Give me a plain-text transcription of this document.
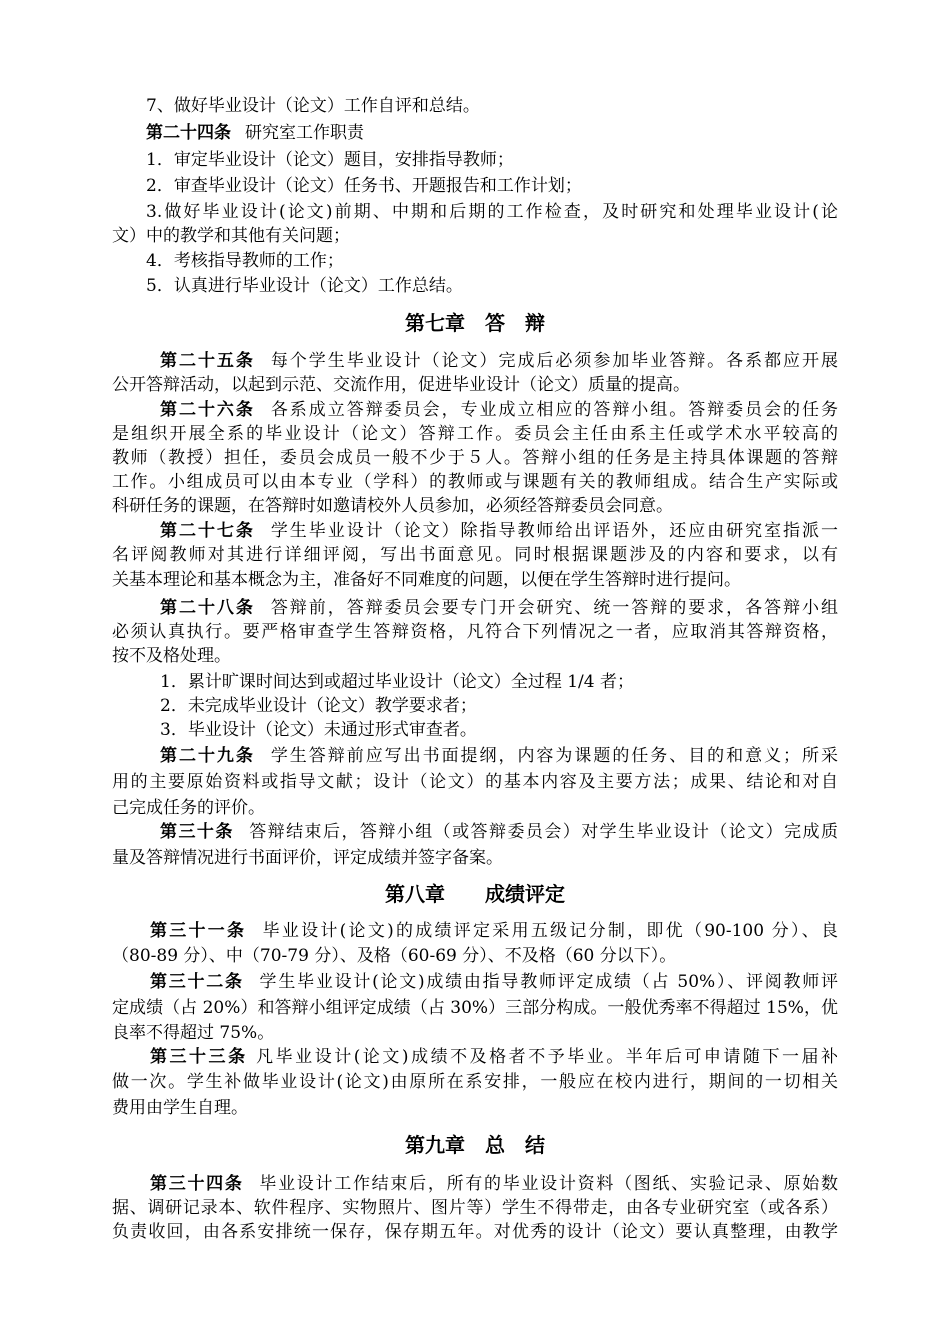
7、做好毕业设计（论文）工作自评和总结。
第二十四条 研究室工作职责
1．审定毕业设计（论文）题目，安排指导教师；
2．审查毕业设计（论文）任务书、开题报告和工作计划；
3.做好毕业设计(论文)前期、中期和后期的工作检查，及时研究和处理毕业设计(论
文）中的教学和其他有关问题；
4．考核指导教师的工作；
5．认真进行毕业设计（论文）工作总结。
第七章　答　辩
第二十五条 每个学生毕业设计（论文）完成后必须参加毕业答辩。各系都应开展
公开答辩活动，以起到示范、交流作用，促进毕业设计（论文）质量的提高。
第二十六条 各系成立答辩委员会，专业成立相应的答辩小组。答辩委员会的任务
是组织开展全系的毕业设计（论文）答辩工作。委员会主任由系主任或学术水平较高的
教师（教授）担任，委员会成员一般不少于５人。答辩小组的任务是主持具体课题的答辩
工作。小组成员可以由本专业（学科）的教师或与课题有关的教师组成。结合生产实际或
科研任务的课题，在答辩时如邀请校外人员参加，必须经答辩委员会同意。
第二十七条 学生毕业设计（论文）除指导教师给出评语外，还应由研究室指派一
名评阅教师对其进行详细评阅，写出书面意见。同时根据课题涉及的内容和要求，以有
关基本理论和基本概念为主，准备好不同难度的问题，以便在学生答辩时进行提问。
第二十八条 答辩前，答辩委员会要专门开会研究、统一答辩的要求，各答辩小组
必须认真执行。要严格审查学生答辩资格，凡符合下列情况之一者，应取消其答辩资格，
按不及格处理。
1．累计旷课时间达到或超过毕业设计（论文）全过程 1/4 者；
2．未完成毕业设计（论文）教学要求者；
3．毕业设计（论文）未通过形式审查者。
第二十九条 学生答辩前应写出书面提纲，内容为课题的任务、目的和意义；所采
用的主要原始资料或指导文献；设计（论文）的基本内容及主要方法；成果、结论和对自
己完成任务的评价。
第三十条 答辩结束后，答辩小组（或答辩委员会）对学生毕业设计（论文）完成质
量及答辩情况进行书面评价，评定成绩并签字备案。
第八章　　成绩评定
第三十一条 毕业设计(论文)的成绩评定采用五级记分制，即优（90-100 分）、良
（80-89 分）、中（70-79 分）、及格（60-69 分）、不及格（60 分以下）。
第三十二条 学生毕业设计(论文)成绩由指导教师评定成绩（占 50%）、评阅教师评
定成绩（占 20%）和答辩小组评定成绩（占 30%）三部分构成。一般优秀率不得超过 15%，优
良率不得超过 75%。
第三十三条 凡毕业设计(论文)成绩不及格者不予毕业。半年后可申请随下一届补
做一次。学生补做毕业设计(论文)由原所在系安排，一般应在校内进行，期间的一切相关
费用由学生自理。
第九章　总　结
第三十四条 毕业设计工作结束后，所有的毕业设计资料（图纸、实验记录、原始数
据、调研记录本、软件程序、实物照片、图片等）学生不得带走，由各专业研究室（或各系）
负责收回，由各系安排统一保存，保存期五年。对优秀的设计（论文）要认真整理，由教学
